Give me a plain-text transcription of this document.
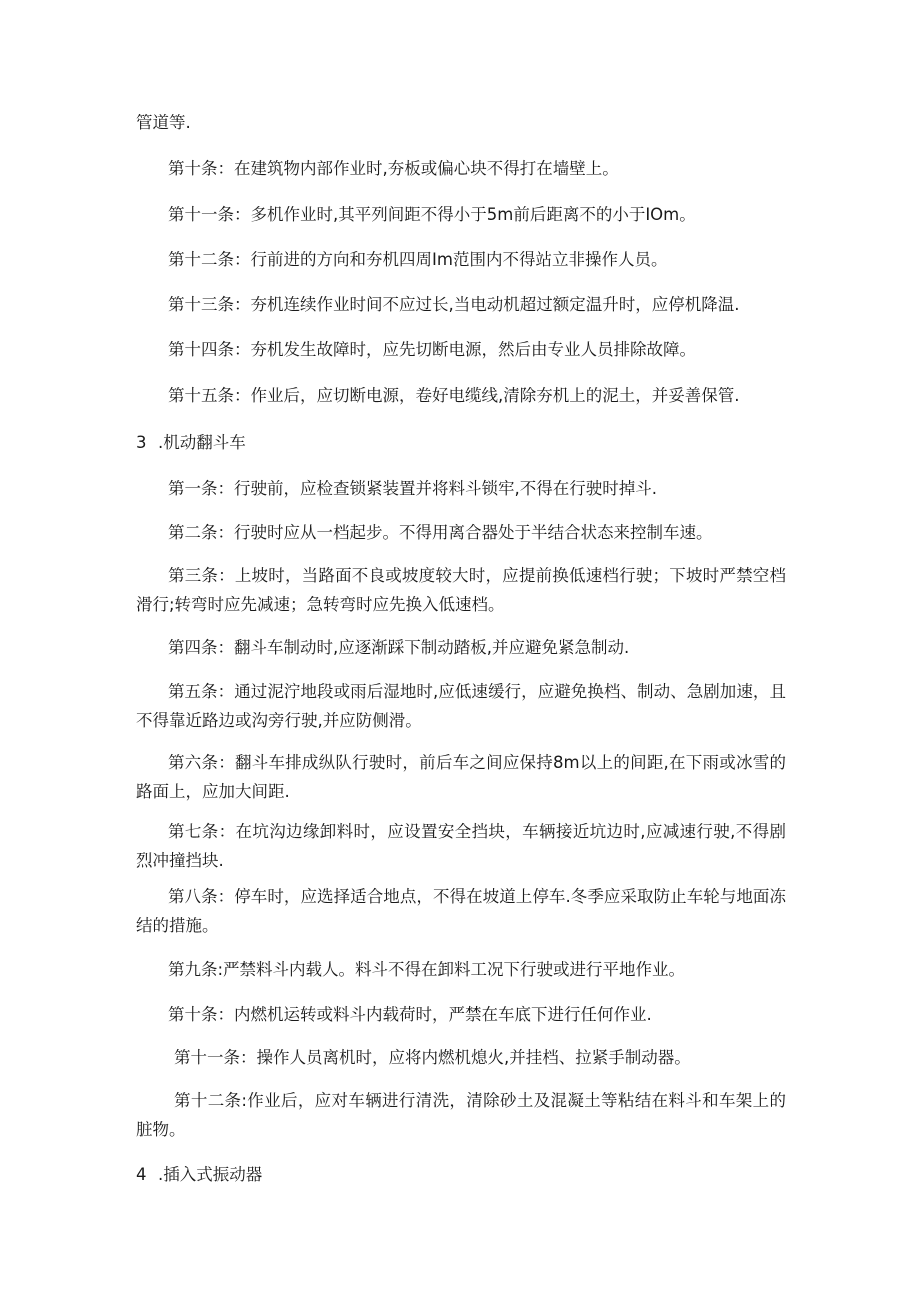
管道等.
第十条：在建筑物内部作业时,夯板或偏心块不得打在墙壁上。
第十一条：多机作业时,其平列间距不得小于5m前后距离不的小于IOm。
第十二条：行前进的方向和夯机四周Im范围内不得站立非操作人员。
第十三条：夯机连续作业时间不应过长,当电动机超过额定温升时，应停机降温.
第十四条：夯机发生故障时，应先切断电源，然后由专业人员排除故障。
第十五条：作业后，应切断电源，卷好电缆线,清除夯机上的泥土，并妥善保管.
3 .机动翻斗车
第一条：行驶前，应检查锁紧装置并将料斗锁牢,不得在行驶时掉斗.
第二条：行驶时应从一档起步。不得用离合器处于半结合状态来控制车速。
第三条：上坡时，当路面不良或坡度较大时，应提前换低速档行驶；下坡时严禁空档滑行;转弯时应先减速；急转弯时应先换入低速档。
第四条：翻斗车制动时,应逐渐踩下制动踏板,并应避免紧急制动.
第五条：通过泥泞地段或雨后湿地时,应低速缓行，应避免换档、制动、急剧加速，且不得靠近路边或沟旁行驶,并应防侧滑。
第六条：翻斗车排成纵队行驶时，前后车之间应保持8m以上的间距,在下雨或冰雪的路面上，应加大间距.
第七条：在坑沟边缘卸料时，应设置安全挡块，车辆接近坑边时,应减速行驶,不得剧烈冲撞挡块.
第八条：停车时，应选择适合地点，不得在坡道上停车.冬季应采取防止车轮与地面冻结的措施。
第九条:严禁料斗内载人。料斗不得在卸料工况下行驶或进行平地作业。
第十条：内燃机运转或料斗内载荷时，严禁在车底下进行任何作业.
第十一条：操作人员离机时，应将内燃机熄火,并挂档、拉紧手制动器。
第十二条:作业后，应对车辆进行清洗，清除砂土及混凝土等粘结在料斗和车架上的脏物。
4 .插入式振动器
